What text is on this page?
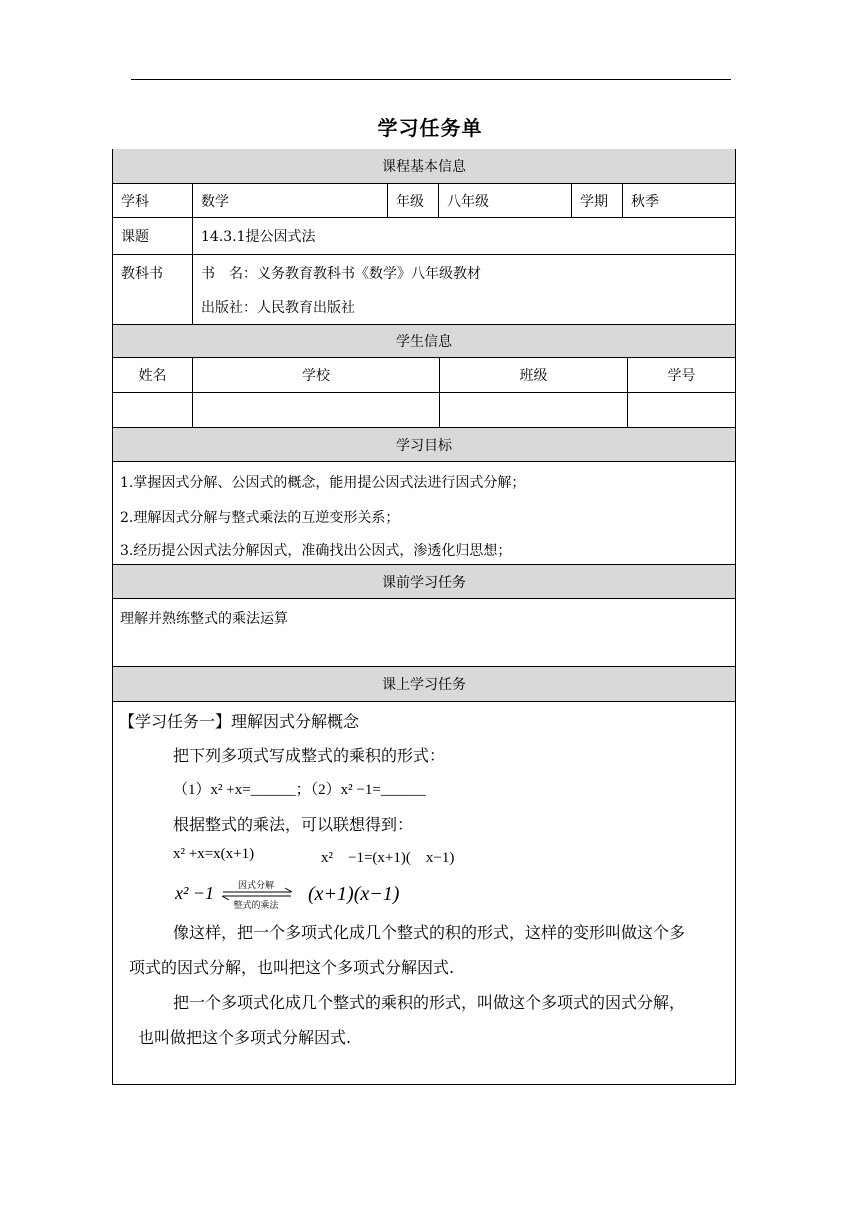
学习任务单
课程基本信息
学科	数学	年级	八年级	学期	秋季
课题	14.3.1提公因式法
教科书	书　名：义务教育教科书《数学》八年级教材
出版社：人民教育出版社
学生信息
姓名	学校	班级	学号
学习目标
1.掌握因式分解、公因式的概念，能用提公因式法进行因式分解；
2.理解因式分解与整式乘法的互逆变形关系；
3.经历提公因式法分解因式，准确找出公因式，渗透化归思想；
课前学习任务
理解并熟练整式的乘法运算
课上学习任务
【学习任务一】理解因式分解概念
把下列多项式写成整式的乘积的形式：
（1）x² +x=______；（2）x² −1=______
根据整式的乘法，可以联想得到：
x² +x=x(x+1)	x²　−1=(x+1)(　x−1)
x² −1	因式分解
整式的乘法
(x+1)(x−1)
像这样，把一个多项式化成几个整式的积的形式，这样的变形叫做这个多
项式的因式分解，也叫把这个多项式分解因式.
把一个多项式化成几个整式的乘积的形式，叫做这个多项式的因式分解，
也叫做把这个多项式分解因式.
